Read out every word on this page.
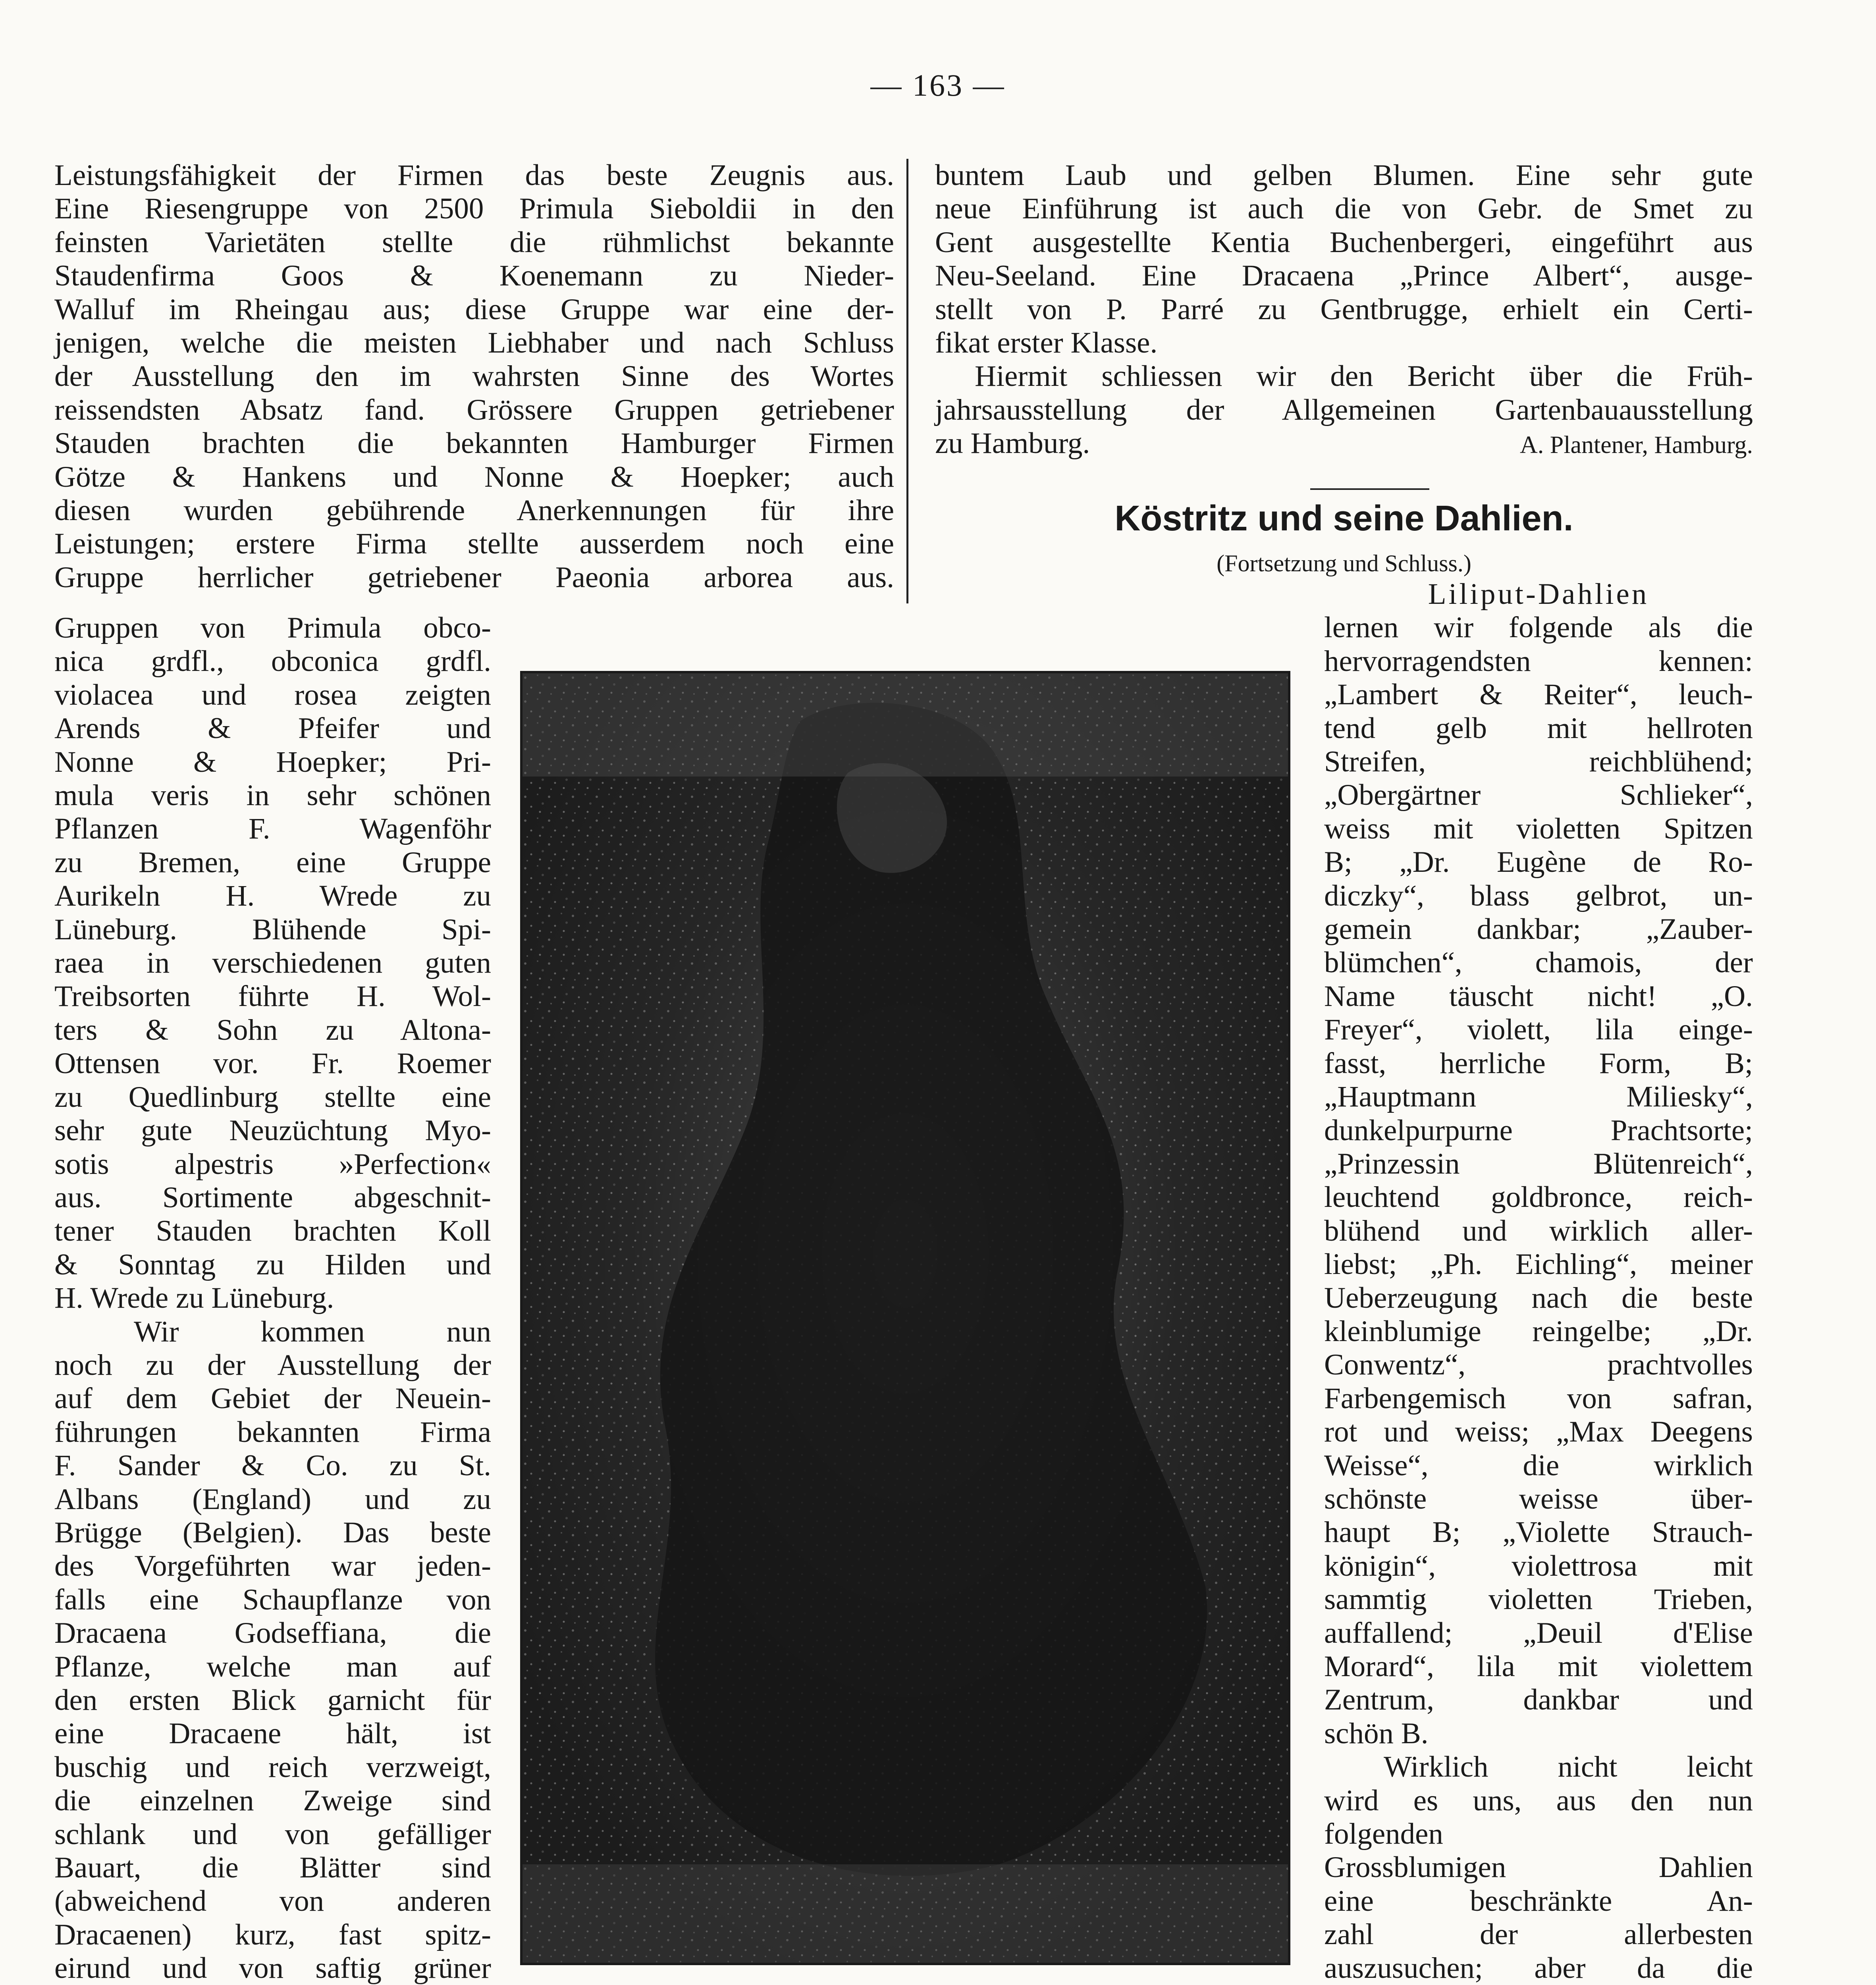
— 163 —
Leistungsfähigkeit der Firmen das beste Zeugnis aus.
Eine Riesengruppe von 2500 Primula Sieboldii in den
feinsten Varietäten stellte die rühmlichst bekannte
Staudenfirma Goos & Koenemann zu Nieder-
Walluf im Rheingau aus; diese Gruppe war eine der-
jenigen, welche die meisten Liebhaber und nach Schluss
der Ausstellung den im wahrsten Sinne des Wortes
reissendsten Absatz fand. Grössere Gruppen getriebener
Stauden brachten die bekannten Hamburger Firmen
Götze & Hankens und Nonne & Hoepker; auch
diesen wurden gebührende Anerkennungen für ihre
Leistungen; erstere Firma stellte ausserdem noch eine
Gruppe herrlicher getriebener Paeonia arborea aus.
buntem Laub und gelben Blumen. Eine sehr gute
neue Einführung ist auch die von Gebr. de Smet zu
Gent ausgestellte Kentia Buchenbergeri, eingeführt aus
Neu-Seeland. Eine Dracaena „Prince Albert“, ausge-
stellt von P. Parré zu Gentbrugge, erhielt ein Certi-
fikat erster Klasse.
Hiermit schliessen wir den Bericht über die Früh-
jahrsausstellung der Allgemeinen Gartenbauausstellung
zu Hamburg.	A. Plantener, Hamburg.
Köstritz und seine Dahlien.
(Fortsetzung und Schluss.)
Gruppen von Primula obco-
nica grdfl., obconica grdfl.
violacea und rosea zeigten
Arends & Pfeifer und
Nonne & Hoepker; Pri-
mula veris in sehr schönen
Pflanzen F. Wagenföhr
zu Bremen, eine Gruppe
Aurikeln H. Wrede zu
Lüneburg. Blühende Spi-
raea in verschiedenen guten
Treibsorten führte H. Wol-
ters & Sohn zu Altona-
Ottensen vor. Fr. Roemer
zu Quedlinburg stellte eine
sehr gute Neuzüchtung Myo-
sotis alpestris »Perfection«
aus. Sortimente abgeschnit-
tener Stauden brachten Koll
& Sonntag zu Hilden und
H. Wrede zu Lüneburg.
Wir kommen nun
noch zu der Ausstellung der
auf dem Gebiet der Neuein-
führungen bekannten Firma
F. Sander & Co. zu St.
Albans (England) und zu
Brügge (Belgien). Das beste
des Vorgeführten war jeden-
falls eine Schaupflanze von
Dracaena Godseffiana, die
Pflanze, welche man auf
den ersten Blick garnicht für
eine Dracaene hält, ist
buschig und reich verzweigt,
die einzelnen Zweige sind
schlank und von gefälliger
Bauart, die Blätter sind
(abweichend von anderen
Dracaenen) kurz, fast spitz-
eirund und von saftig grüner
Liliput-Dahlien
lernen wir folgende als die
hervorragendsten kennen:
„Lambert & Reiter“, leuch-
tend gelb mit hellroten
Streifen, reichblühend;
„Obergärtner Schlieker“,
weiss mit violetten Spitzen
B; „Dr. Eugène de Ro-
diczky“, blass gelbrot, un-
gemein dankbar; „Zauber-
blümchen“, chamois, der
Name täuscht nicht! „O.
Freyer“, violett, lila einge-
fasst, herrliche Form, B;
„Hauptmann Miliesky“,
dunkelpurpurne Prachtsorte;
„Prinzessin Blütenreich“,
leuchtend goldbronce, reich-
blühend und wirklich aller-
liebst; „Ph. Eichling“, meiner
Ueberzeugung nach die beste
kleinblumige reingelbe; „Dr.
Conwentz“, prachtvolles
Farbengemisch von safran,
rot und weiss; „Max Deegens
Weisse“, die wirklich
schönste weisse über-
haupt B; „Violette Strauch-
königin“, violettrosa mit
sammtig violetten Trieben,
auffallend; „Deuil d'Elise
Morard“, lila mit violettem
Zentrum, dankbar und
schön B.
Wirklich nicht leicht
wird es uns, aus den nun
folgenden
Grossblumigen Dahlien
eine beschränkte An-
zahl der allerbesten
auszusuchen; aber da die
